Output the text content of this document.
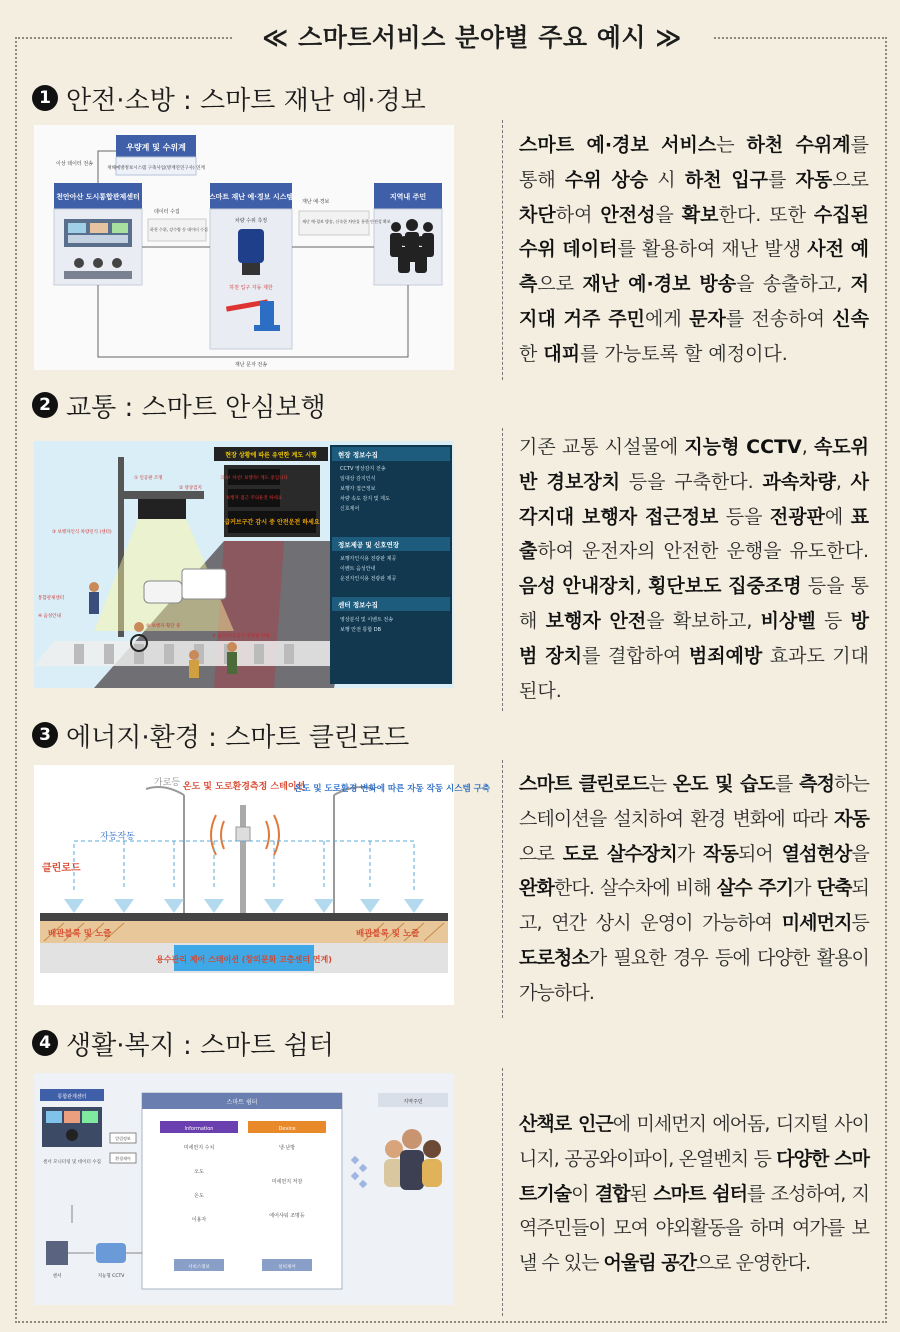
≪ 스마트서비스 분야별 주요 예시 ≫
1 안전·소방 : 스마트 재난 예·경보
우량계 및 수위계
재해예방정보시스템 구축사업(방재연연구사) 연계
천안아산 도시통합관제센터	스마트 재난 예·경보 시스템
차량 수위 측정
하천 입구 자동 제한
지역내 주민
재난 예·경보
재난 예·경보 방송, 신속한 차단물 통한 안전성 확보
데이터 수집
하천 수위, 강수량 등 데이터 수집
이상 데이터 전송
재난 문자 전송
스마트 예·경보 서비스는 하천 수위계를 통해 수위 상승 시 하천 입구를 자동으로 차단하여 안전성을 확보한다. 또한 수집된 수위 데이터를 활용하여 재난 발생 사전 예측으로 재난 예·경보 방송을 송출하고, 저지대 거주 주민에게 문자를 전송하여 신속한 대피를 가능토록 할 예정이다.
2 교통 : 스마트 안심보행
현장 상황에 따른 유연한 계도 시행
과속! 차선! 보행자! 계도 중입니다
보행자 접근 주의운전 하세요
급커브구간 감시 중 안전운전 하세요
현장 정보수집
CCTV 영상감지 전송
임대상 감지인식
보행자 접근정보
차량 속도 감지 및 계도
신호제어
정보제공 및 신호연장
보행자인식용 전광판 제공
이벤트 음성안내
운전자인식용 전광판 제공
센터 정보수집
영상분석 및 이벤트 전송
보행 안전 통합 DB
① 인공판 조명
② 영상검지
③ 보행자인식 차량인식 (센터)
④ 음성안내
⑤ 보행자 횡단 중
⑥ 음성안내 감지 전광판 안내
통합관제센터
기존 교통 시설물에 지능형 CCTV, 속도위반 경보장치 등을 구축한다. 과속차량, 사각지대 보행자 접근정보 등을 전광판에 표출하여 운전자의 안전한 운행을 유도한다. 음성 안내장치, 횡단보도 집중조명 등을 통해 보행자 안전을 확보하고, 비상벨 등 방범 장치를 결합하여 범죄예방 효과도 기대된다.
3 에너지·환경 : 스마트 클린로드
가로등 온도 및 도로환경측정 스테이션
온도 및 도로환경 변화에 따른 자동 작동 시스템 구축
자동작동
클린로드
배관블록 및 노즐	배관블록 및 노즐
용수관리 제어 스테이션 (창의문화 고층센터 연계)
스마트 클린로드는 온도 및 습도를 측정하는 스테이션을 설치하여 환경 변화에 따라 자동으로 도로 살수장치가 작동되어 열섬현상을 완화한다. 살수차에 비해 살수 주기가 단축되고, 연간 상시 운영이 가능하여 미세먼지등 도로청소가 필요한 경우 등에 다양한 활용이 가능하다.
4 생활·복지 : 스마트 쉼터
통합관제센터
센서 모니터링 및 데이터 수집
알림정보
환경제어
스마트 쉼터
Information	Device
미세먼지 수치
오도
온도
이용자
냉·난방
미세먼지 저감
에어샤워 조명등
서비스정보	설비제어
센서	지능형 CCTV
지역주민
산책로 인근에 미세먼지 에어돔, 디지털 사이니지, 공공와이파이, 온열벤치 등 다양한 스마트기술이 결합된 스마트 쉼터를 조성하여, 지역주민들이 모여 야외활동을 하며 여가를 보낼 수 있는 어울림 공간으로 운영한다.
